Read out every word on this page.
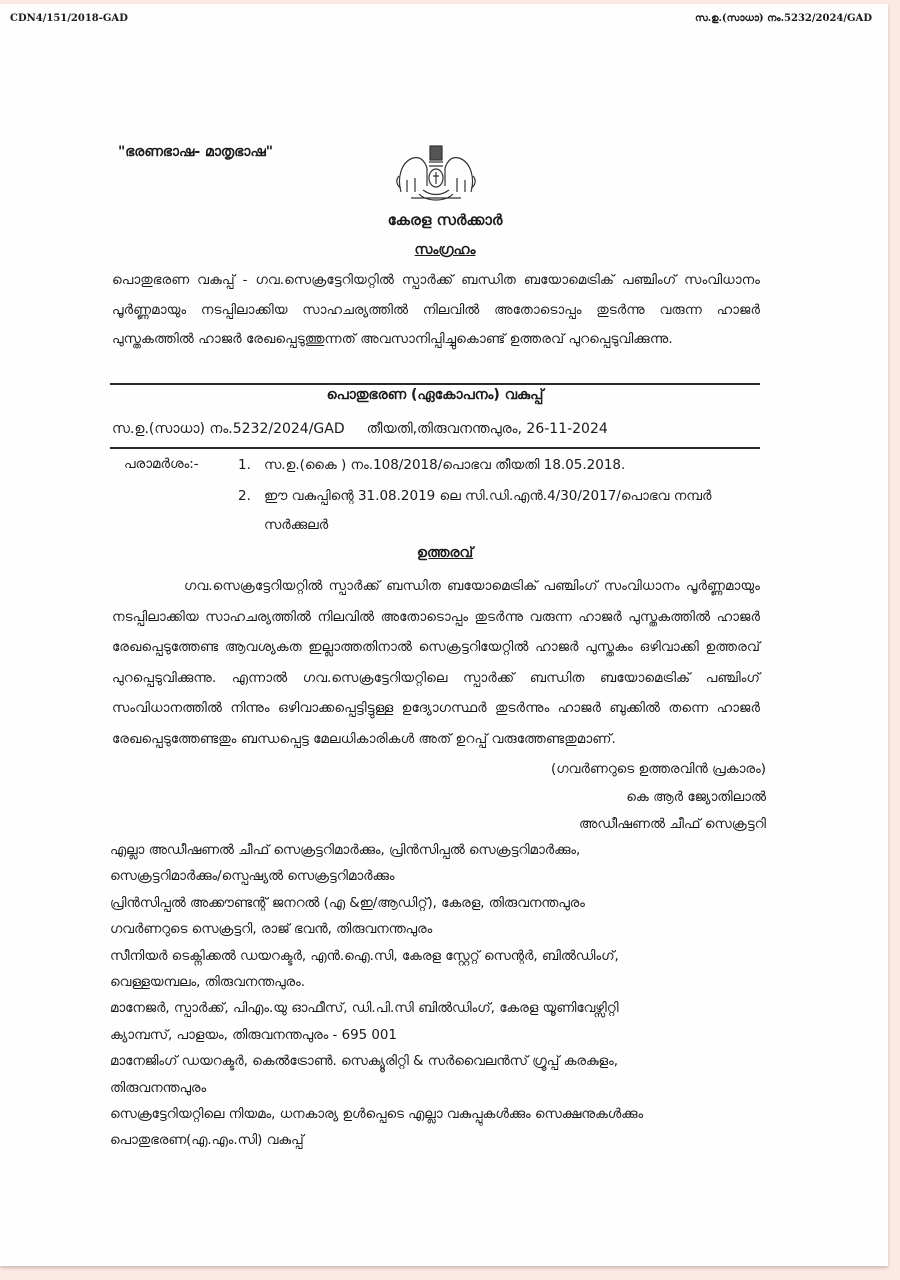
CDN4/151/2018-GAD	സ.ഉ.(സാധാ) നം.5232/2024/GAD
"ഭരണഭാഷ- മാതൃഭാഷ"
കേരള സർക്കാർ
സംഗ്രഹം
പൊതുഭരണ വകുപ്പ് - ഗവ.സെക്രട്ടേറിയറ്റിൽ സ്പാർക്ക് ബന്ധിത ബയോമെട്രിക് പഞ്ചിംഗ് സംവിധാനം പൂർണ്ണമായും നടപ്പിലാക്കിയ സാഹചര്യത്തിൽ നിലവിൽ അതോടൊപ്പം തുടർന്നു വരുന്ന ഹാജർ പുസ്തകത്തിൽ ഹാജർ രേഖപ്പെടുത്തുന്നത് അവസാനിപ്പിച്ചുകൊണ്ട് ഉത്തരവ് പുറപ്പെടുവിക്കുന്നു.
പൊതുഭരണ (ഏകോപനം) വകുപ്പ്
സ.ഉ.(സാധാ) നം.5232/2024/GAD തീയതി,തിരുവനന്തപുരം, 26-11-2024
പരാമർശം:-	1. സ.ഉ.(കൈ ) നം.108/2018/പൊഭവ തീയതി 18.05.2018.
2. ഈ വകുപ്പിന്റെ 31.08.2019 ലെ സി.ഡി.എൻ.4/30/2017/പൊഭവ നമ്പർ
സർക്കുലർ
ഉത്തരവ്
ഗവ.സെക്രട്ടേറിയറ്റിൽ സ്പാർക്ക് ബന്ധിത ബയോമെട്രിക് പഞ്ചിംഗ് സംവിധാനം പൂർണ്ണമായും നടപ്പിലാക്കിയ സാഹചര്യത്തിൽ നിലവിൽ അതോടൊപ്പം തുടർന്നു വരുന്ന ഹാജർ പുസ്തകത്തിൽ ഹാജർ രേഖപ്പെടുത്തേണ്ട ആവശ്യകത ഇല്ലാത്തതിനാൽ സെക്രട്ടറിയേറ്റിൽ ഹാജർ പുസ്തകം ഒഴിവാക്കി ഉത്തരവ് പുറപ്പെടുവിക്കുന്നു. എന്നാൽ ഗവ.സെക്രട്ടേറിയറ്റിലെ സ്പാർക്ക് ബന്ധിത ബയോമെട്രിക് പഞ്ചിംഗ് സംവിധാനത്തിൽ നിന്നും ഒഴിവാക്കപ്പെട്ടിട്ടുള്ള ഉദ്യോഗസ്ഥർ തുടർന്നും ഹാജർ ബുക്കിൽ തന്നെ ഹാജർ രേഖപ്പെടുത്തേണ്ടതും ബന്ധപ്പെട്ട മേലധികാരികൾ അത് ഉറപ്പ് വരുത്തേണ്ടതുമാണ്.
(ഗവർണറുടെ ഉത്തരവിൻ പ്രകാരം)
കെ ആർ ജ്യോതിലാൽ
അഡീഷണൽ ചീഫ് സെക്രട്ടറി
എല്ലാ അഡീഷണൽ ചീഫ് സെക്രട്ടറിമാർക്കും, പ്രിൻസിപ്പൽ സെക്രട്ടറിമാർക്കും,
സെക്രട്ടറിമാർക്കും/സ്പെഷ്യൽ സെക്രട്ടറിമാർക്കും
പ്രിൻസിപ്പൽ അക്കൗണ്ടന്റ് ജനറൽ (എ &ഇ/ആഡിറ്റ്), കേരള, തിരുവനന്തപുരം
ഗവർണറുടെ സെക്രട്ടറി, രാജ് ഭവൻ, തിരുവനന്തപുരം
സീനിയർ ടെക്നിക്കൽ ഡയറക്ടർ, എൻ.ഐ.സി, കേരള സ്റ്റേറ്റ് സെന്റർ, ബിൽഡിംഗ്,
വെള്ളയമ്പലം, തിരുവനന്തപുരം.
മാനേജർ, സ്പാർക്ക്, പിഎം.യു ഓഫീസ്, ഡി.പി.സി ബിൽഡിംഗ്, കേരള യൂണിവേഴ്സിറ്റി
ക്യാമ്പസ്, പാളയം, തിരുവനന്തപുരം - 695 001
മാനേജിംഗ് ഡയറക്ടർ, കെൽട്രോൺ. സെക്യൂരിറ്റി & സർവൈലൻസ് ഗ്രൂപ്പ് കരകുളം,
തിരുവനന്തപുരം
സെക്രട്ടേറിയറ്റിലെ നിയമം, ധനകാര്യ ഉൾപ്പെടെ എല്ലാ വകുപ്പുകൾക്കും സെക്ഷനുകൾക്കും
പൊതുഭരണ(എ.എം.സി) വകുപ്പ്
